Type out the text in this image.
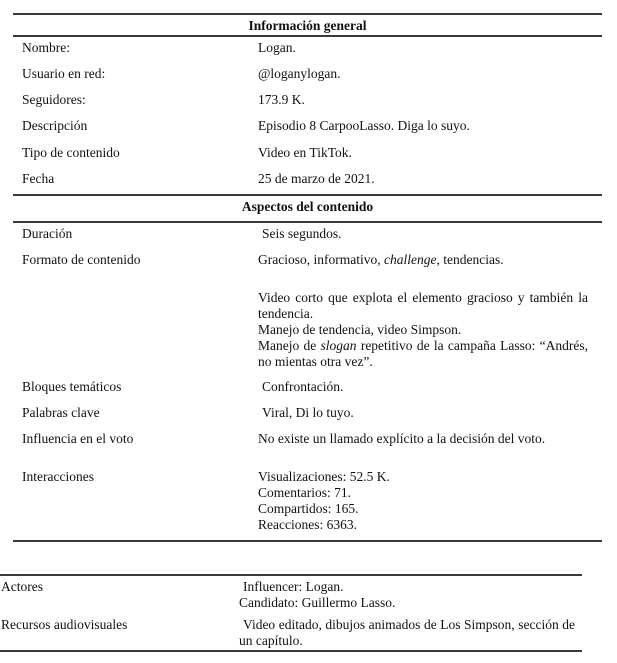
Información general
Nombre:	Logan.
Usuario en red:	@loganylogan.
Seguidores:	173.9 K.
Descripción	Episodio 8 CarpooLasso. Diga lo suyo.
Tipo de contenido	Video en TikTok.
Fecha	25 de marzo de 2021.
Aspectos del contenido
Duración	Seis segundos.
Formato de contenido	Gracioso, informativo, challenge, tendencias.
Video corto que explota el elemento gracioso y también la tendencia.
Manejo de tendencia, video Simpson.
Manejo de slogan repetitivo de la campaña Lasso: “Andrés, no mientas otra vez”.
Bloques temáticos	Confrontación.
Palabras clave	Viral, Di lo tuyo.
Influencia en el voto	No existe un llamado explícito a la decisión del voto.
Interacciones	Visualizaciones: 52.5 K.
Comentarios: 71.
Compartidos: 165.
Reacciones: 6363.
Actores	Influencer: Logan.
Candidato: Guillermo Lasso.
Recursos audiovisuales	Video editado, dibujos animados de Los Simpson, sección de un capítulo.
